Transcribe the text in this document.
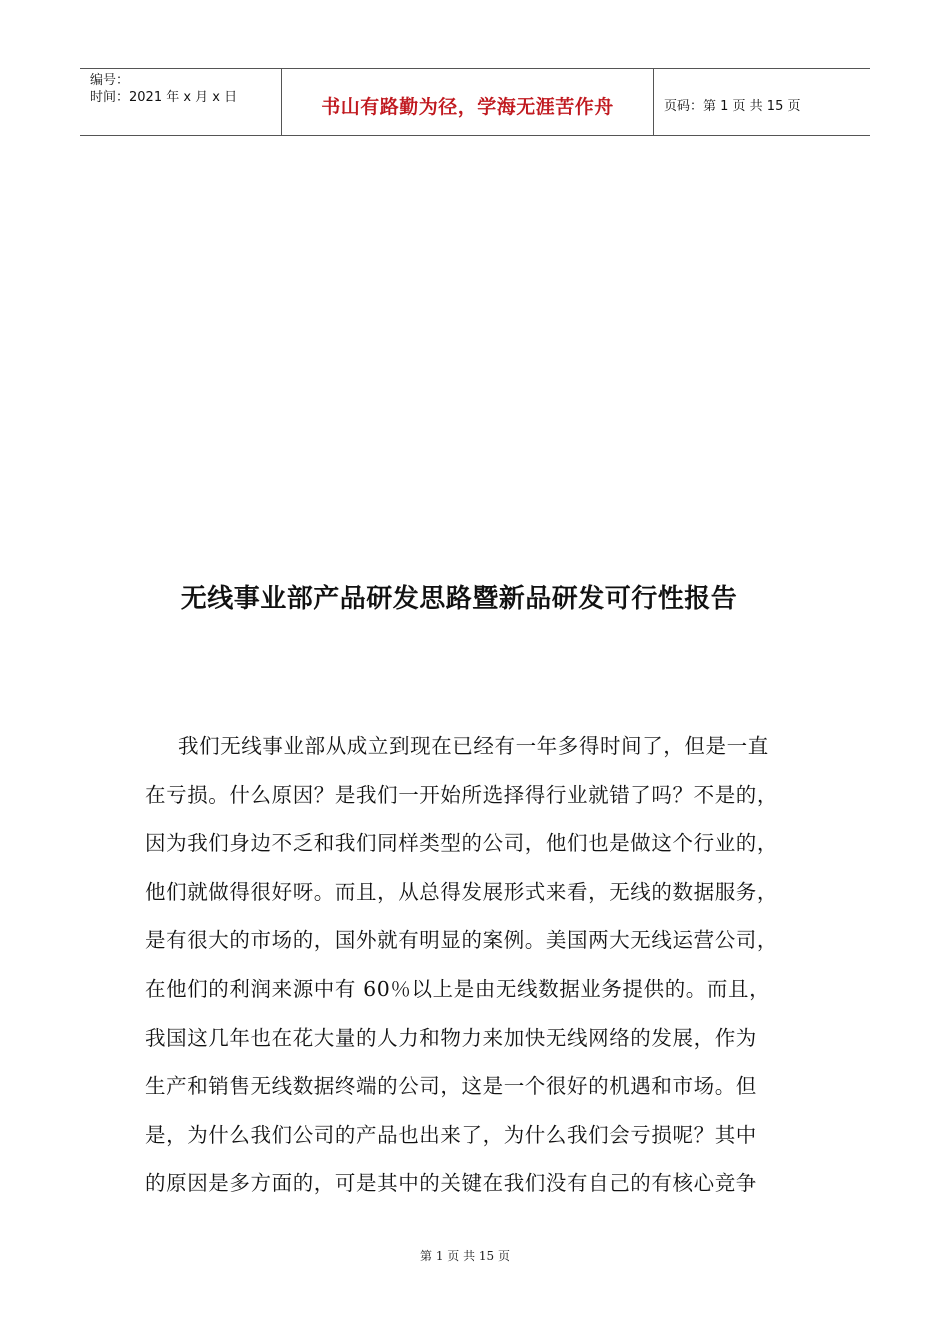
编号：
时间：2021 年 x 月 x 日	书山有路勤为径，学海无涯苦作舟	页码：第 1 页 共 15 页
无线事业部产品研发思路暨新品研发可行性报告
我们无线事业部从成立到现在已经有一年多得时间了，但是一直
在亏损。什么原因？是我们一开始所选择得行业就错了吗？不是的，
因为我们身边不乏和我们同样类型的公司，他们也是做这个行业的，
他们就做得很好呀。而且，从总得发展形式来看，无线的数据服务，
是有很大的市场的，国外就有明显的案例。美国两大无线运营公司，
在他们的利润来源中有 60％以上是由无线数据业务提供的。而且，
我国这几年也在花大量的人力和物力来加快无线网络的发展，作为
生产和销售无线数据终端的公司，这是一个很好的机遇和市场。但
是，为什么我们公司的产品也出来了，为什么我们会亏损呢？其中
的原因是多方面的，可是其中的关键在我们没有自己的有核心竞争
第 1 页 共 15 页
